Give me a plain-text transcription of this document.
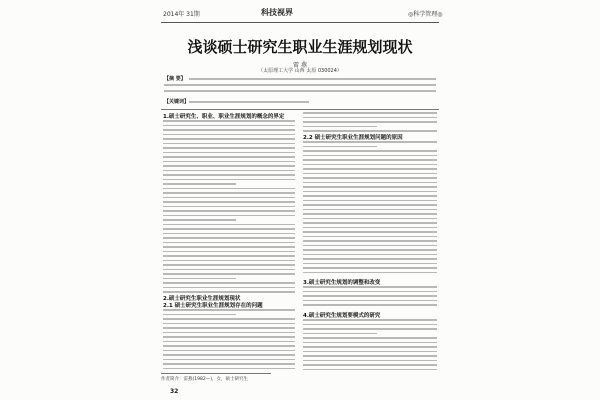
2014年 31期	科技视界	◎科学管理◎
浅谈硕士研究生职业生涯规划现状
雷 燕
（太原理工大学 山西 太原 030024）
【摘 要】
【关键词】
1.硕士研究生、职业、职业生涯规划的概念的界定
2.硕士研究生职业生涯规划现状
2.1 硕士研究生职业生涯规划存在的问题
2.2 硕士研究生职业生涯规划问题的原因
3.硕士研究生规划的调整和改变
4.硕士研究生规划要模式的研究
作者简介：雷燕(1982—)，女，硕士研究生
32
